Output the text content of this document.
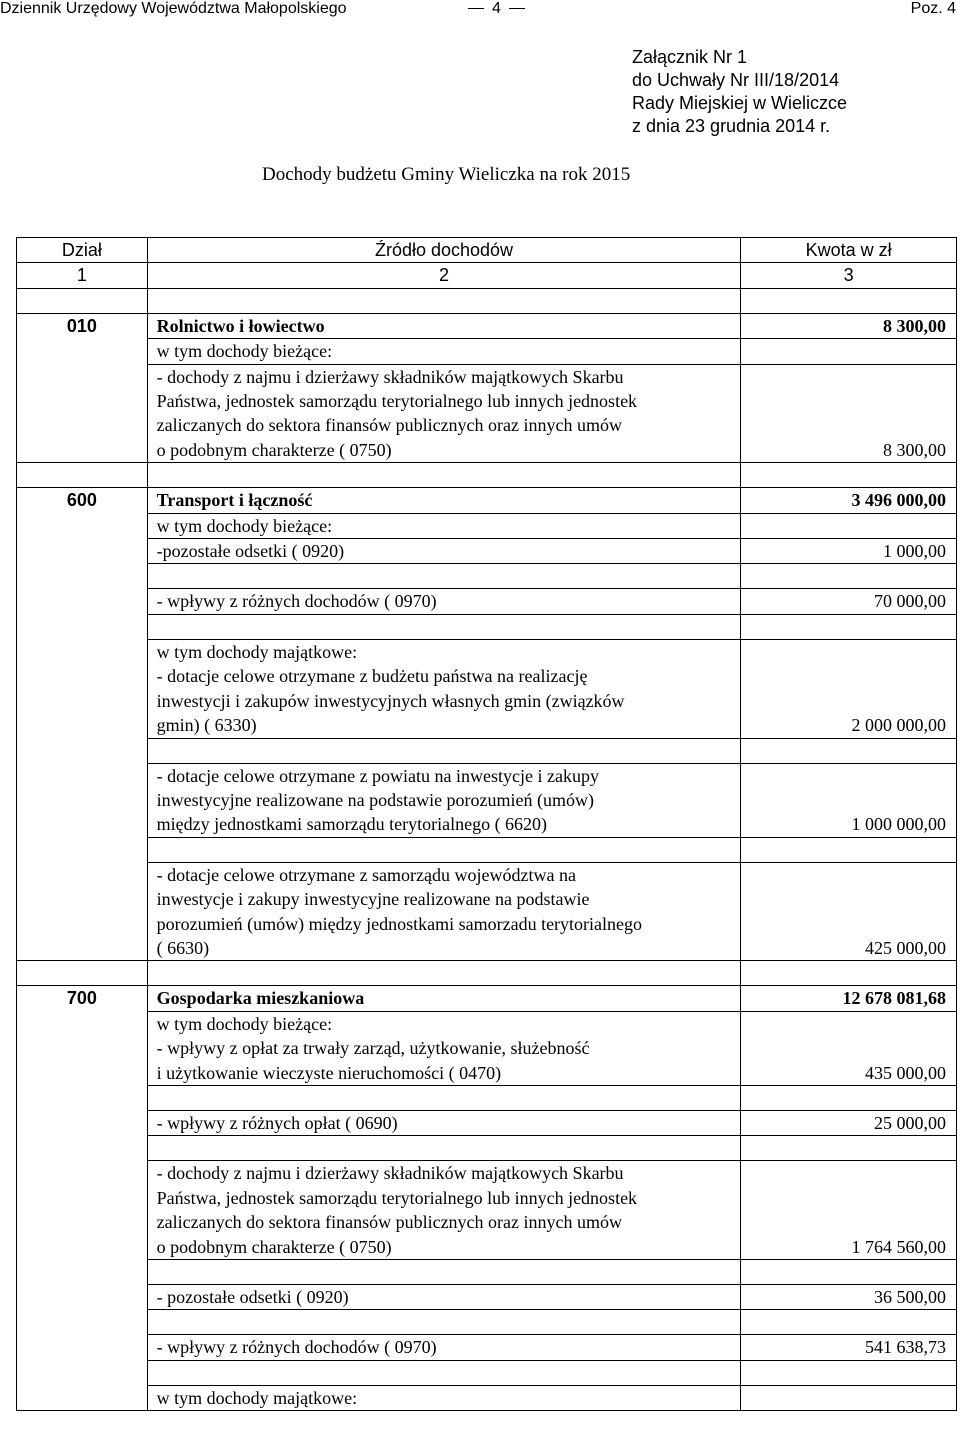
Dziennik Urzędowy Województwa Małopolskiego	4	Poz. 4
Załącznik Nr 1
do Uchwały Nr III/18/2014
Rady Miejskiej w Wieliczce
z dnia 23 grudnia 2014 r.
Dochody budżetu Gminy Wieliczka na rok 2015
Dział	Źródło dochodów	Kwota w zł
1	2	3

010	Rolnictwo i łowiectwo	8 300,00

	w tym dochody bieżące:	

	- dochody z najmu i dzierżawy składników majątkowych Skarbu
Państwa, jednostek samorządu terytorialnego lub innych jednostek
zaliczanych do sektora finansów publicznych oraz innych umów
o podobnym charakterze ( 0750)	8 300,00

600	Transport i łączność	3 496 000,00

	w tym dochody bieżące:	

	-pozostałe odsetki ( 0920)	1 000,00

	- wpływy z różnych dochodów ( 0970)	70 000,00

	w tym dochody majątkowe:
- dotacje celowe otrzymane z budżetu państwa na realizację
inwestycji i zakupów inwestycyjnych własnych gmin (związków
gmin) ( 6330)	2 000 000,00

	- dotacje celowe otrzymane z powiatu na inwestycje i zakupy
inwestycyjne realizowane na podstawie porozumień (umów)
między jednostkami samorządu terytorialnego ( 6620)	1 000 000,00

	- dotacje celowe otrzymane z samorządu województwa na
inwestycje i zakupy inwestycyjne realizowane na podstawie
porozumień (umów) między jednostkami samorzadu terytorialnego
( 6630)	425 000,00

700	Gospodarka mieszkaniowa	12 678 081,68

	w tym dochody bieżące:
- wpływy z opłat za trwały zarząd, użytkowanie, służebność
i użytkowanie wieczyste nieruchomości ( 0470)	435 000,00

	- wpływy z różnych opłat ( 0690)	25 000,00

	- dochody z najmu i dzierżawy składników majątkowych Skarbu
Państwa, jednostek samorządu terytorialnego lub innych jednostek
zaliczanych do sektora finansów publicznych oraz innych umów
o podobnym charakterze ( 0750)	1 764 560,00

	- pozostałe odsetki ( 0920)	36 500,00

	- wpływy z różnych dochodów ( 0970)	541 638,73

	w tym dochody majątkowe:	
